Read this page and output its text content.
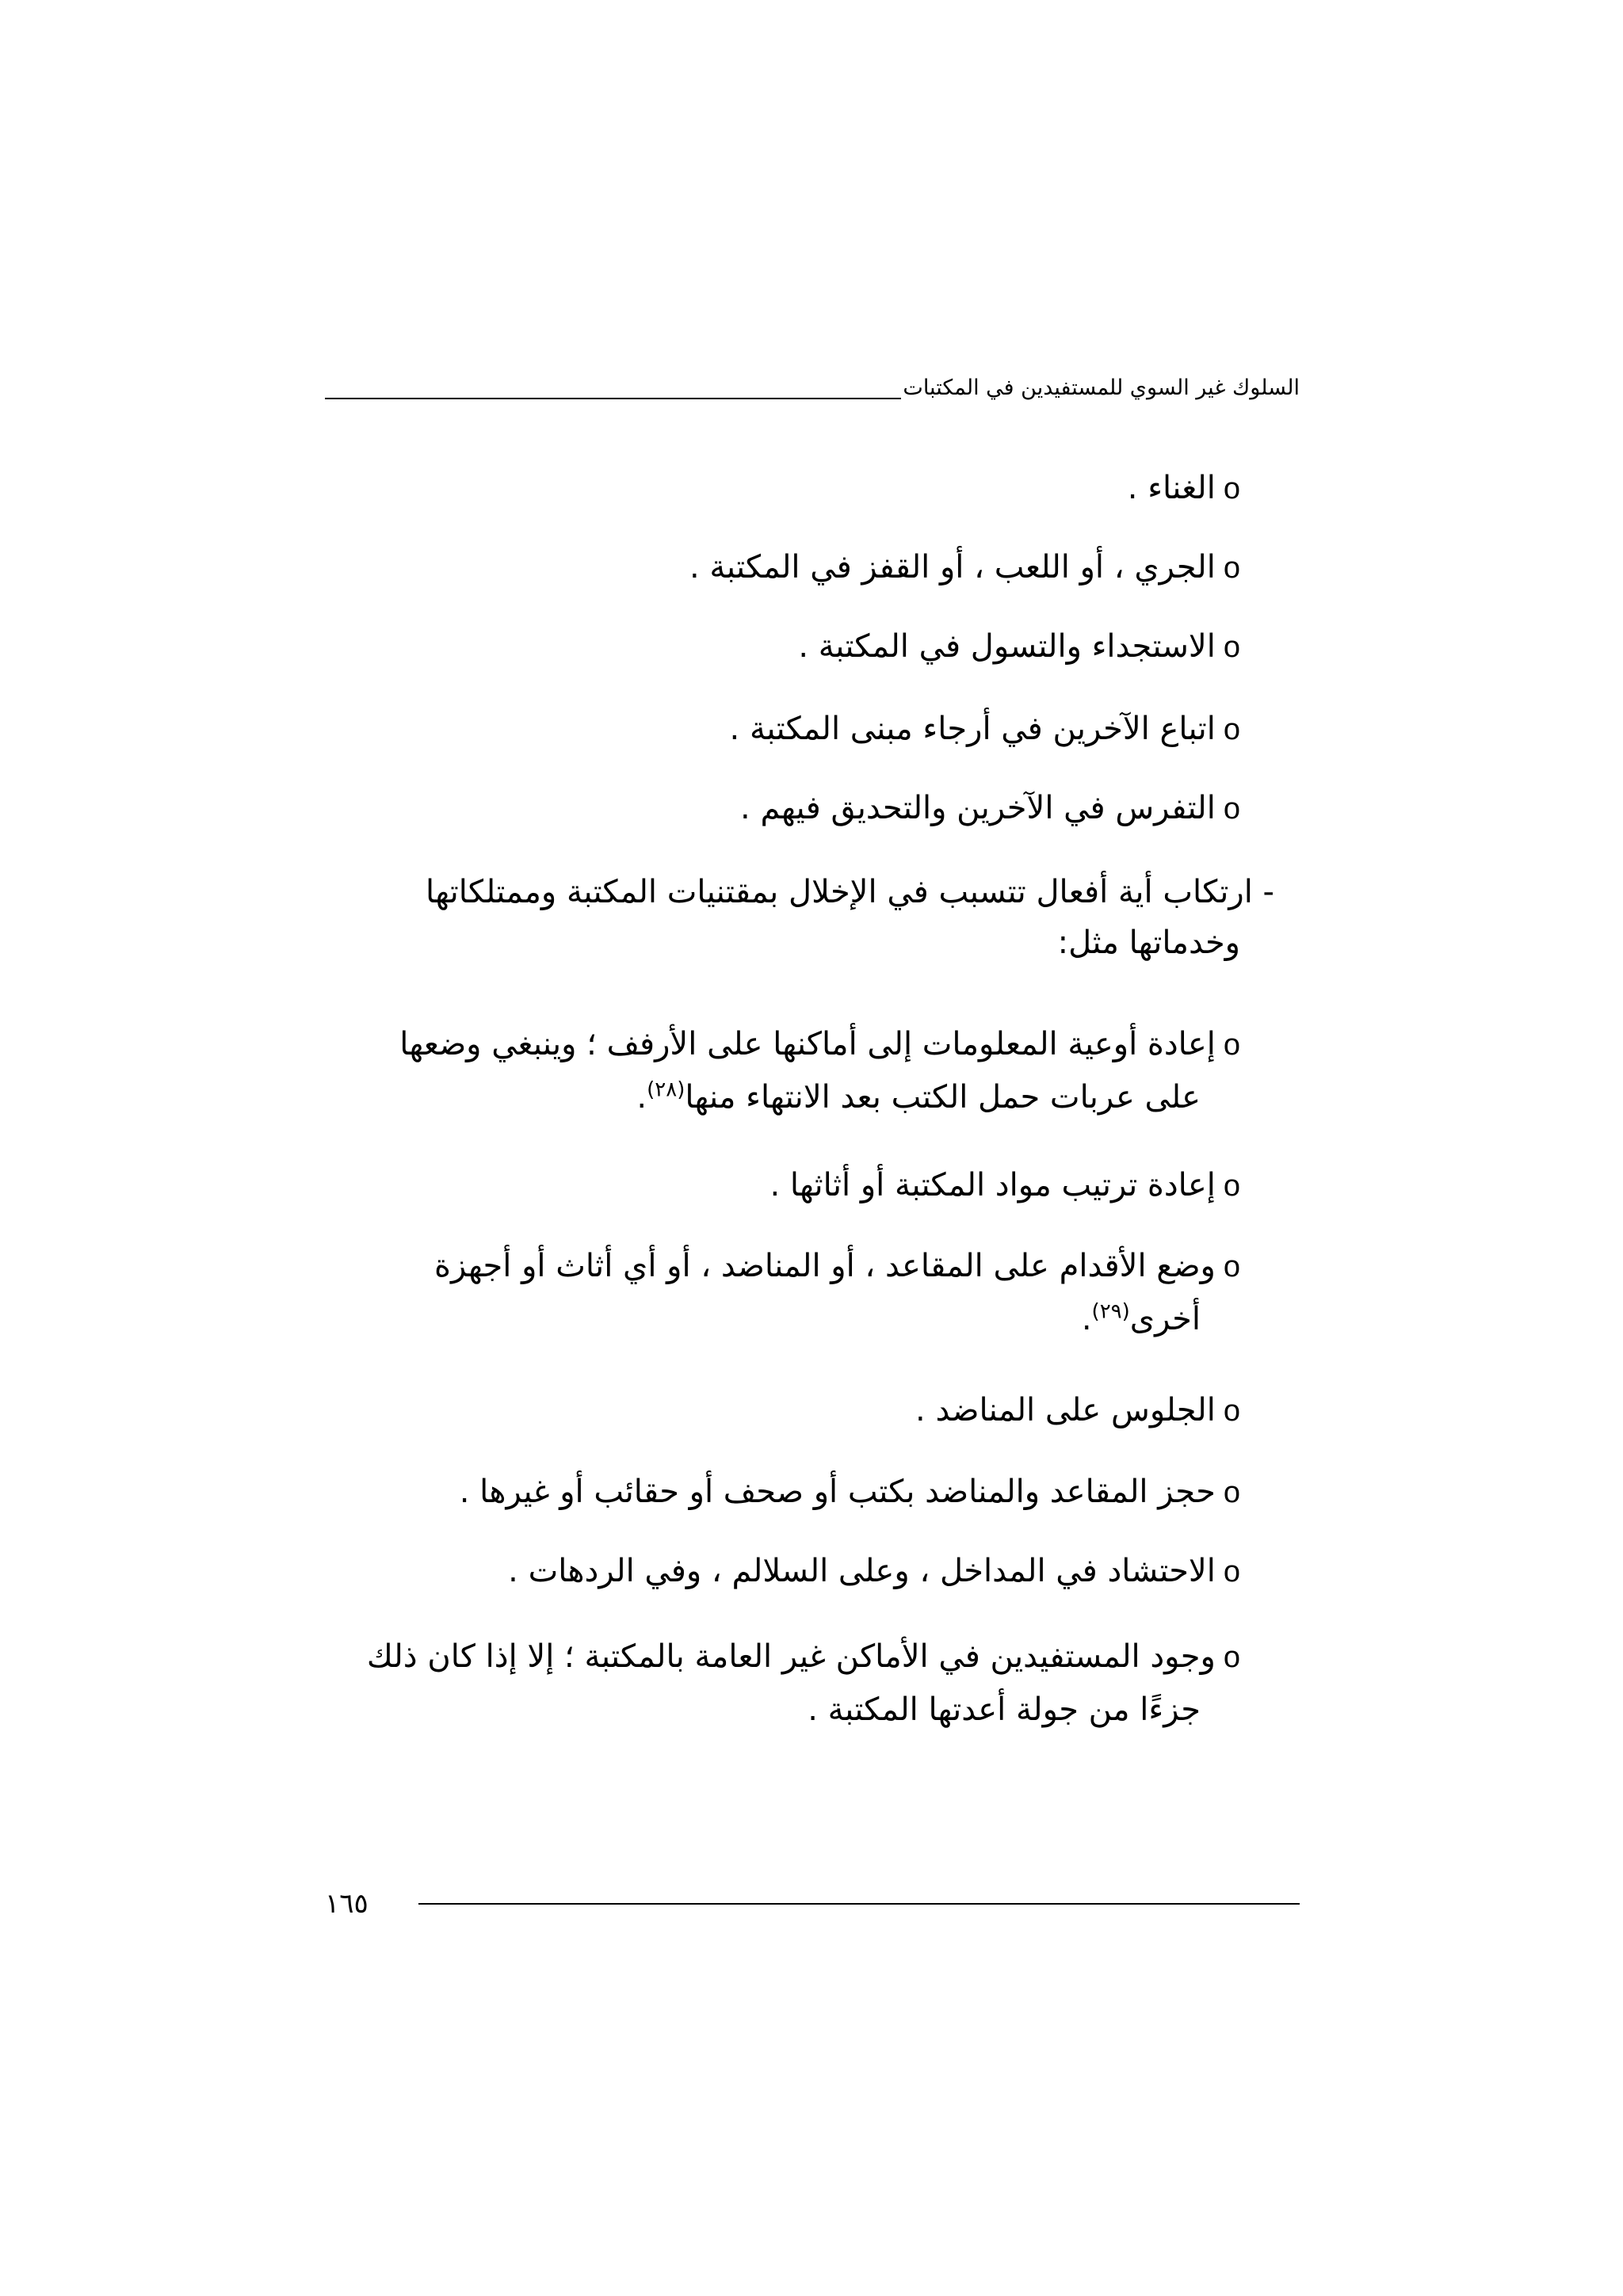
السلوك غير السوي للمستفيدين في المكتبات
oالغناء .
oالجري ، أو اللعب ، أو القفز في المكتبة .
oالاستجداء والتسول في المكتبة .
oاتباع الآخرين في أرجاء مبنى المكتبة .
oالتفرس في الآخرين والتحديق فيهم .
- ارتكاب أية أفعال تتسبب في الإخلال بمقتنيات المكتبة وممتلكاتها
وخدماتها مثل:
oإعادة أوعية المعلومات إلى أماكنها على الأرفف ؛ وينبغي وضعها
على عربات حمل الكتب بعد الانتهاء منها$^{(٢٨)}$.
oإعادة ترتيب مواد المكتبة أو أثاثها .
oوضع الأقدام على المقاعد ، أو المناضد ، أو أي أثاث أو أجهزة
أخرى$^{(٢٩)}$.
oالجلوس على المناضد .
oحجز المقاعد والمناضد بكتب أو صحف أو حقائب أو غيرها .
oالاحتشاد في المداخل ، وعلى السلالم ، وفي الردهات .
oوجود المستفيدين في الأماكن غير العامة بالمكتبة ؛ إلا إذا كان ذلك
جزءًا من جولة أعدتها المكتبة .
١٦٥
